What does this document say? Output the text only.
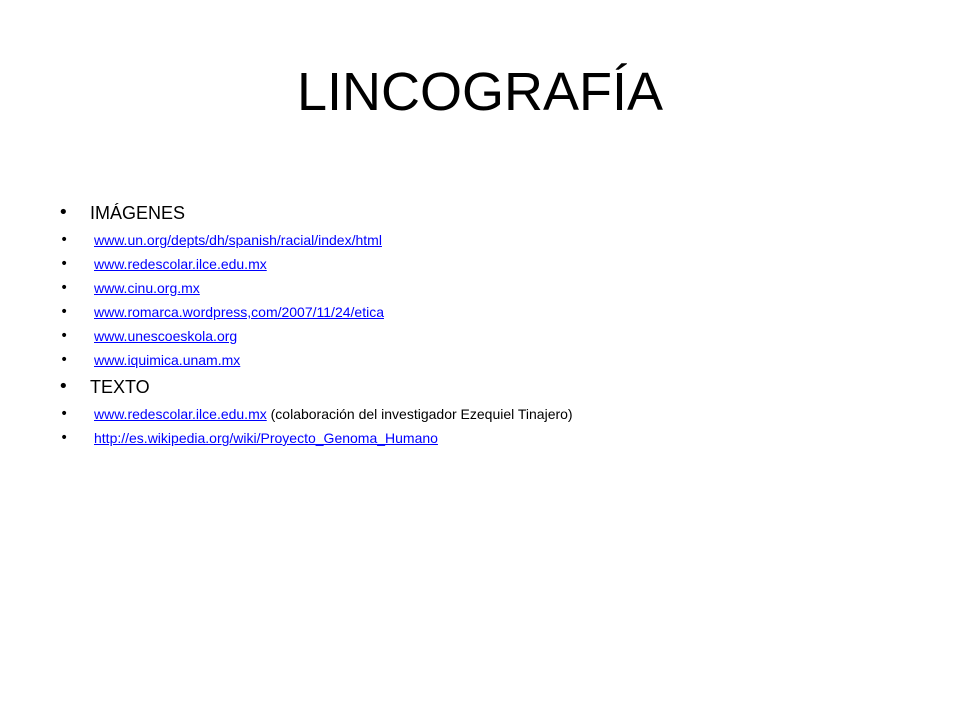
LINCOGRAFÍA
• IMÁGENES
• www.un.org/depts/dh/spanish/racial/index/html
• www.redescolar.ilce.edu.mx
• www.cinu.org.mx
• www.romarca.wordpress,com/2007/11/24/etica
• www.unescoeskola.org
• www.iquimica.unam.mx
• TEXTO
• www.redescolar.ilce.edu.mx (colaboración del investigador Ezequiel Tinajero)
• http://es.wikipedia.org/wiki/Proyecto_Genoma_Humano
